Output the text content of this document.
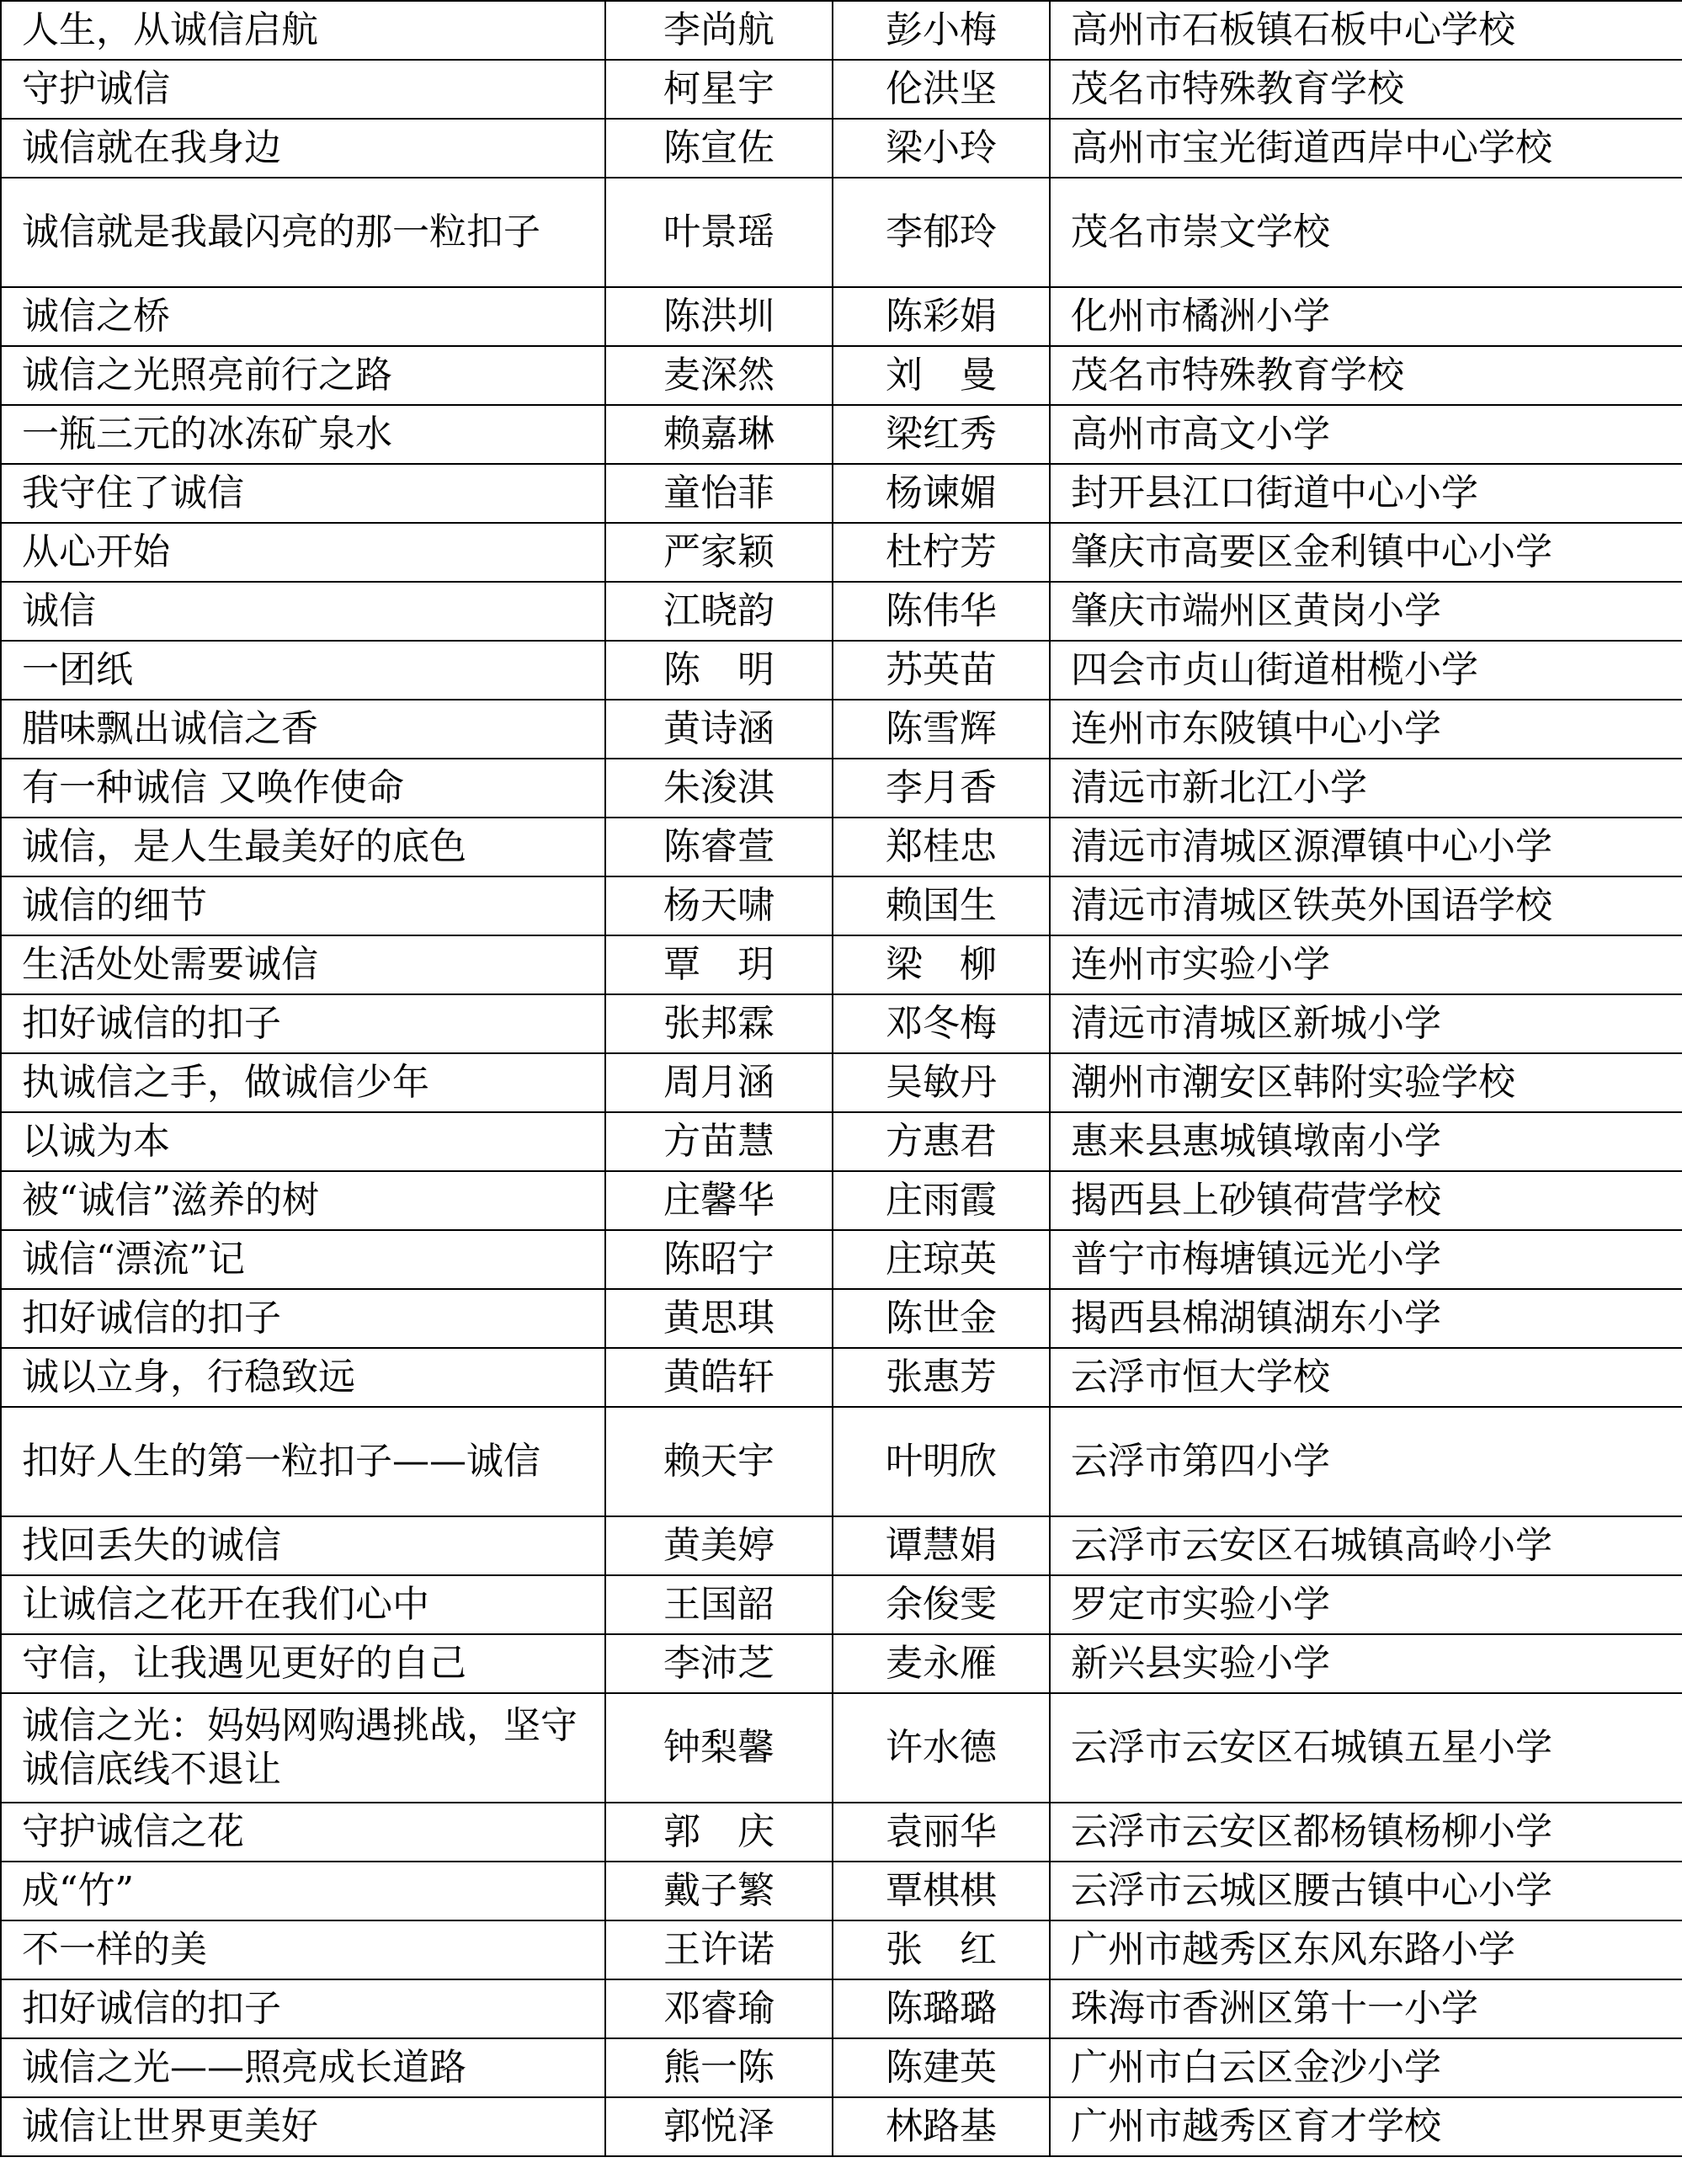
人生，从诚信启航	李尚航	彭小梅	高州市石板镇石板中心学校
守护诚信	柯星宇	伦洪坚	茂名市特殊教育学校
诚信就在我身边	陈宣佐	梁小玲	高州市宝光街道西岸中心学校
诚信就是我最闪亮的那一粒扣子	叶景瑶	李郁玲	茂名市崇文学校
诚信之桥	陈洪圳	陈彩娟	化州市橘洲小学
诚信之光照亮前行之路	麦深然	刘　曼	茂名市特殊教育学校
一瓶三元的冰冻矿泉水	赖嘉琳	梁红秀	高州市高文小学
我守住了诚信	童怡菲	杨谏媚	封开县江口街道中心小学
从心开始	严家颖	杜柠芳	肇庆市高要区金利镇中心小学
诚信	江晓韵	陈伟华	肇庆市端州区黄岗小学
一团纸	陈　明	苏英苗	四会市贞山街道柑榄小学
腊味飘出诚信之香	黄诗涵	陈雪辉	连州市东陂镇中心小学
有一种诚信 又唤作使命	朱浚淇	李月香	清远市新北江小学
诚信，是人生最美好的底色	陈睿萱	郑桂忠	清远市清城区源潭镇中心小学
诚信的细节	杨天啸	赖国生	清远市清城区铁英外国语学校
生活处处需要诚信	覃　玥	梁　柳	连州市实验小学
扣好诚信的扣子	张邦霖	邓冬梅	清远市清城区新城小学
执诚信之手，做诚信少年	周月涵	吴敏丹	潮州市潮安区韩附实验学校
以诚为本	方苗慧	方惠君	惠来县惠城镇墩南小学
被“诚信”滋养的树	庄馨华	庄雨霞	揭西县上砂镇荷营学校
诚信“漂流”记	陈昭宁	庄琼英	普宁市梅塘镇远光小学
扣好诚信的扣子	黄思琪	陈世金	揭西县棉湖镇湖东小学
诚以立身，行稳致远	黄皓轩	张惠芳	云浮市恒大学校
扣好人生的第一粒扣子——诚信	赖天宇	叶明欣	云浮市第四小学
找回丢失的诚信	黄美婷	谭慧娟	云浮市云安区石城镇高岭小学
让诚信之花开在我们心中	王国韶	余俊雯	罗定市实验小学
守信，让我遇见更好的自己	李沛芝	麦永雁	新兴县实验小学
诚信之光：妈妈网购遇挑战，坚守诚信底线不退让	钟梨馨	许水德	云浮市云安区石城镇五星小学
守护诚信之花	郭　庆	袁丽华	云浮市云安区都杨镇杨柳小学
成“竹”	戴子繁	覃棋棋	云浮市云城区腰古镇中心小学
不一样的美	王许诺	张　红	广州市越秀区东风东路小学
扣好诚信的扣子	邓睿瑜	陈璐璐	珠海市香洲区第十一小学
诚信之光——照亮成长道路	熊一陈	陈建英	广州市白云区金沙小学
诚信让世界更美好	郭悦泽	林路基	广州市越秀区育才学校
